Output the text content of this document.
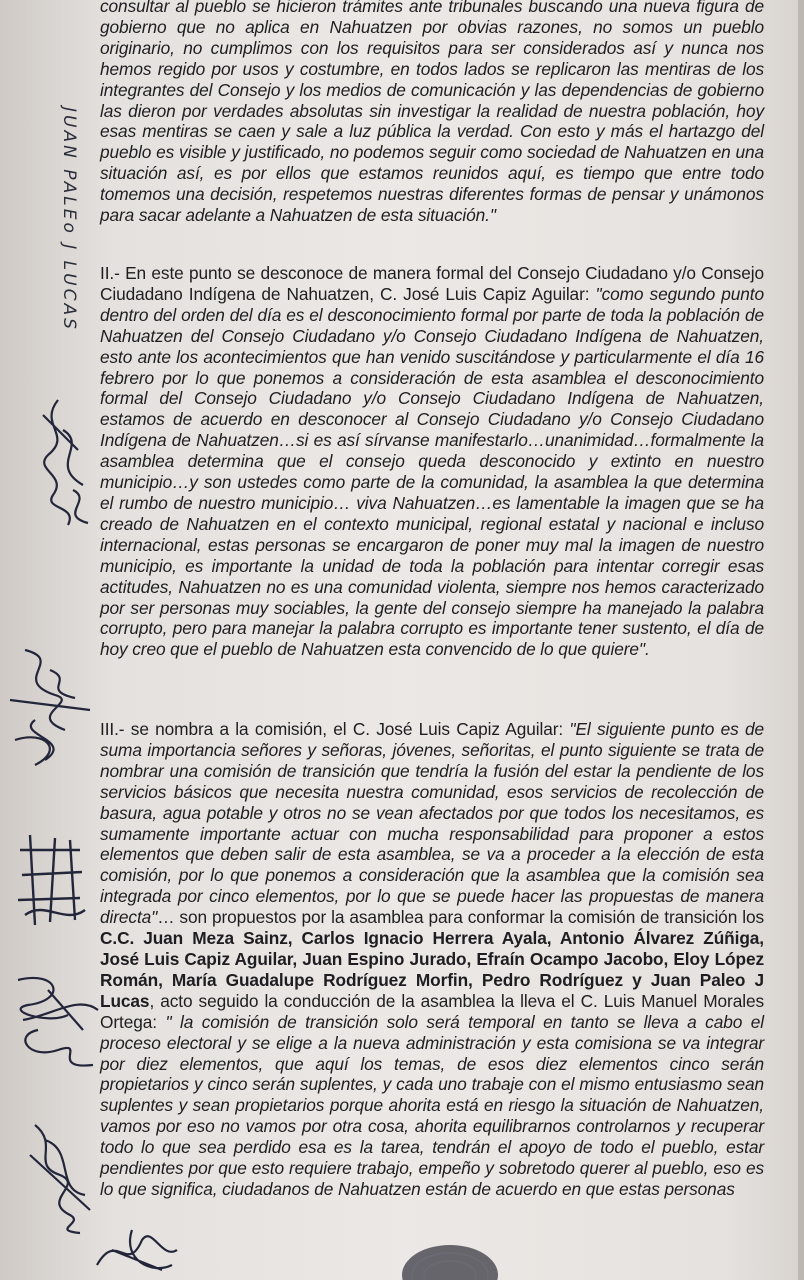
JUAN PALEo J LUCAS
consultar al pueblo se hicieron trámites ante tribunales buscando una nueva figura de gobierno que no aplica en Nahuatzen por obvias razones, no somos un pueblo originario, no cumplimos con los requisitos para ser considerados así y nunca nos hemos regido por usos y costumbre, en todos lados se replicaron las mentiras de los integrantes del Consejo y los medios de comunicación y las dependencias de gobierno las dieron por verdades absolutas sin investigar la realidad de nuestra población, hoy esas mentiras se caen y sale a luz pública la verdad. Con esto y más el hartazgo del pueblo es visible y justificado, no podemos seguir como sociedad de Nahuatzen en una situación así, es por ellos que estamos reunidos aquí, es tiempo que entre todo tomemos una decisión, respetemos nuestras diferentes formas de pensar y unámonos para sacar adelante a Nahuatzen de esta situación."
II.- En este punto se desconoce de manera formal del Consejo Ciudadano y/o Consejo Ciudadano Indígena de Nahuatzen, C. José Luis Capiz Aguilar: "como segundo punto dentro del orden del día es el desconocimiento formal por parte de toda la población de Nahuatzen del Consejo Ciudadano y/o Consejo Ciudadano Indígena de Nahuatzen, esto ante los acontecimientos que han venido suscitándose y particularmente el día 16 febrero por lo que ponemos a consideración de esta asamblea el desconocimiento formal del Consejo Ciudadano y/o Consejo Ciudadano Indígena de Nahuatzen, estamos de acuerdo en desconocer al Consejo Ciudadano y/o Consejo Ciudadano Indígena de Nahuatzen…si es así sírvanse manifestarlo…unanimidad…formalmente la asamblea determina que el consejo queda desconocido y extinto en nuestro municipio…y son ustedes como parte de la comunidad, la asamblea la que determina el rumbo de nuestro municipio… viva Nahuatzen…es lamentable la imagen que se ha creado de Nahuatzen en el contexto municipal, regional estatal y nacional e incluso internacional, estas personas se encargaron de poner muy mal la imagen de nuestro municipio, es importante la unidad de toda la población para intentar corregir esas actitudes, Nahuatzen no es una comunidad violenta, siempre nos hemos caracterizado por ser personas muy sociables, la gente del consejo siempre ha manejado la palabra corrupto, pero para manejar la palabra corrupto es importante tener sustento, el día de hoy creo que el pueblo de Nahuatzen esta convencido de lo que quiere".
III.- se nombra a la comisión, el C. José Luis Capiz Aguilar: "El siguiente punto es de suma importancia señores y señoras, jóvenes, señoritas, el punto siguiente se trata de nombrar una comisión de transición que tendría la fusión del estar la pendiente de los servicios básicos que necesita nuestra comunidad, esos servicios de recolección de basura, agua potable y otros no se vean afectados por que todos los necesitamos, es sumamente importante actuar con mucha responsabilidad para proponer a estos elementos que deben salir de esta asamblea, se va a proceder a la elección de esta comisión, por lo que ponemos a consideración que la asamblea que la comisión sea integrada por cinco elementos, por lo que se puede hacer las propuestas de manera directa"… son propuestos por la asamblea para conformar la comisión de transición los C.C. Juan Meza Sainz, Carlos Ignacio Herrera Ayala, Antonio Álvarez Zúñiga, José Luis Capiz Aguilar, Juan Espino Jurado, Efraín Ocampo Jacobo, Eloy López Román, María Guadalupe Rodríguez Morfin, Pedro Rodríguez y Juan Paleo J Lucas, acto seguido la conducción de la asamblea la lleva el C. Luis Manuel Morales Ortega: " la comisión de transición solo será temporal en tanto se lleva a cabo el proceso electoral y se elige a la nueva administración y esta comisiona se va integrar por diez elementos, que aquí los temas, de esos diez elementos cinco serán propietarios y cinco serán suplentes, y cada uno trabaje con el mismo entusiasmo sean suplentes y sean propietarios porque ahorita está en riesgo la situación de Nahuatzen, vamos por eso no vamos por otra cosa, ahorita equilibrarnos controlarnos y recuperar todo lo que sea perdido esa es la tarea, tendrán el apoyo de todo el pueblo, estar pendientes por que esto requiere trabajo, empeño y sobretodo querer al pueblo, eso es lo que significa, ciudadanos de Nahuatzen están de acuerdo en que estas personas
